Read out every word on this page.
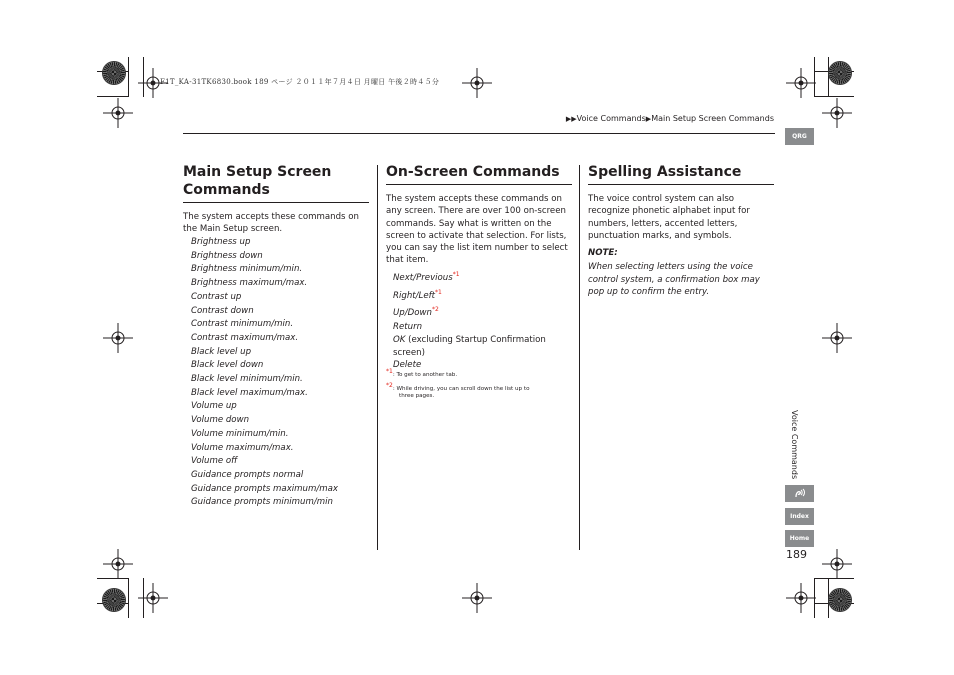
F1T_KA-31TK6830.book 189 ページ ２０１１年７月４日 月曜日 午後２時４５分
▶▶Voice Commands▶Main Setup Screen Commands
QRG
Voice Commands
Index
Home
189
Main Setup Screen Commands
The system accepts these commands on the Main Setup screen.
Brightness up
Brightness down
Brightness minimum/min.
Brightness maximum/max.
Contrast up
Contrast down
Contrast minimum/min.
Contrast maximum/max.
Black level up
Black level down
Black level minimum/min.
Black level maximum/max.
Volume up
Volume down
Volume minimum/min.
Volume maximum/max.
Volume off
Guidance prompts normal
Guidance prompts maximum/max
Guidance prompts minimum/min
On-Screen Commands
The system accepts these commands on any screen. There are over 100 on-screen commands. Say what is written on the screen to activate that selection. For lists, you can say the list item number to select that item.
Next/Previous$^{*1}$
Right/Left$^{*1}$
Up/Down$^{*2}$
Return
OK (excluding Startup Confirmation screen)
Delete
*1: To get to another tab.
*2: While driving, you can scroll down the list up to
three pages.
Spelling Assistance
The voice control system can also recognize phonetic alphabet input for numbers, letters, accented letters, punctuation marks, and symbols.
NOTE:
When selecting letters using the voice control system, a confirmation box may pop up to confirm the entry.
